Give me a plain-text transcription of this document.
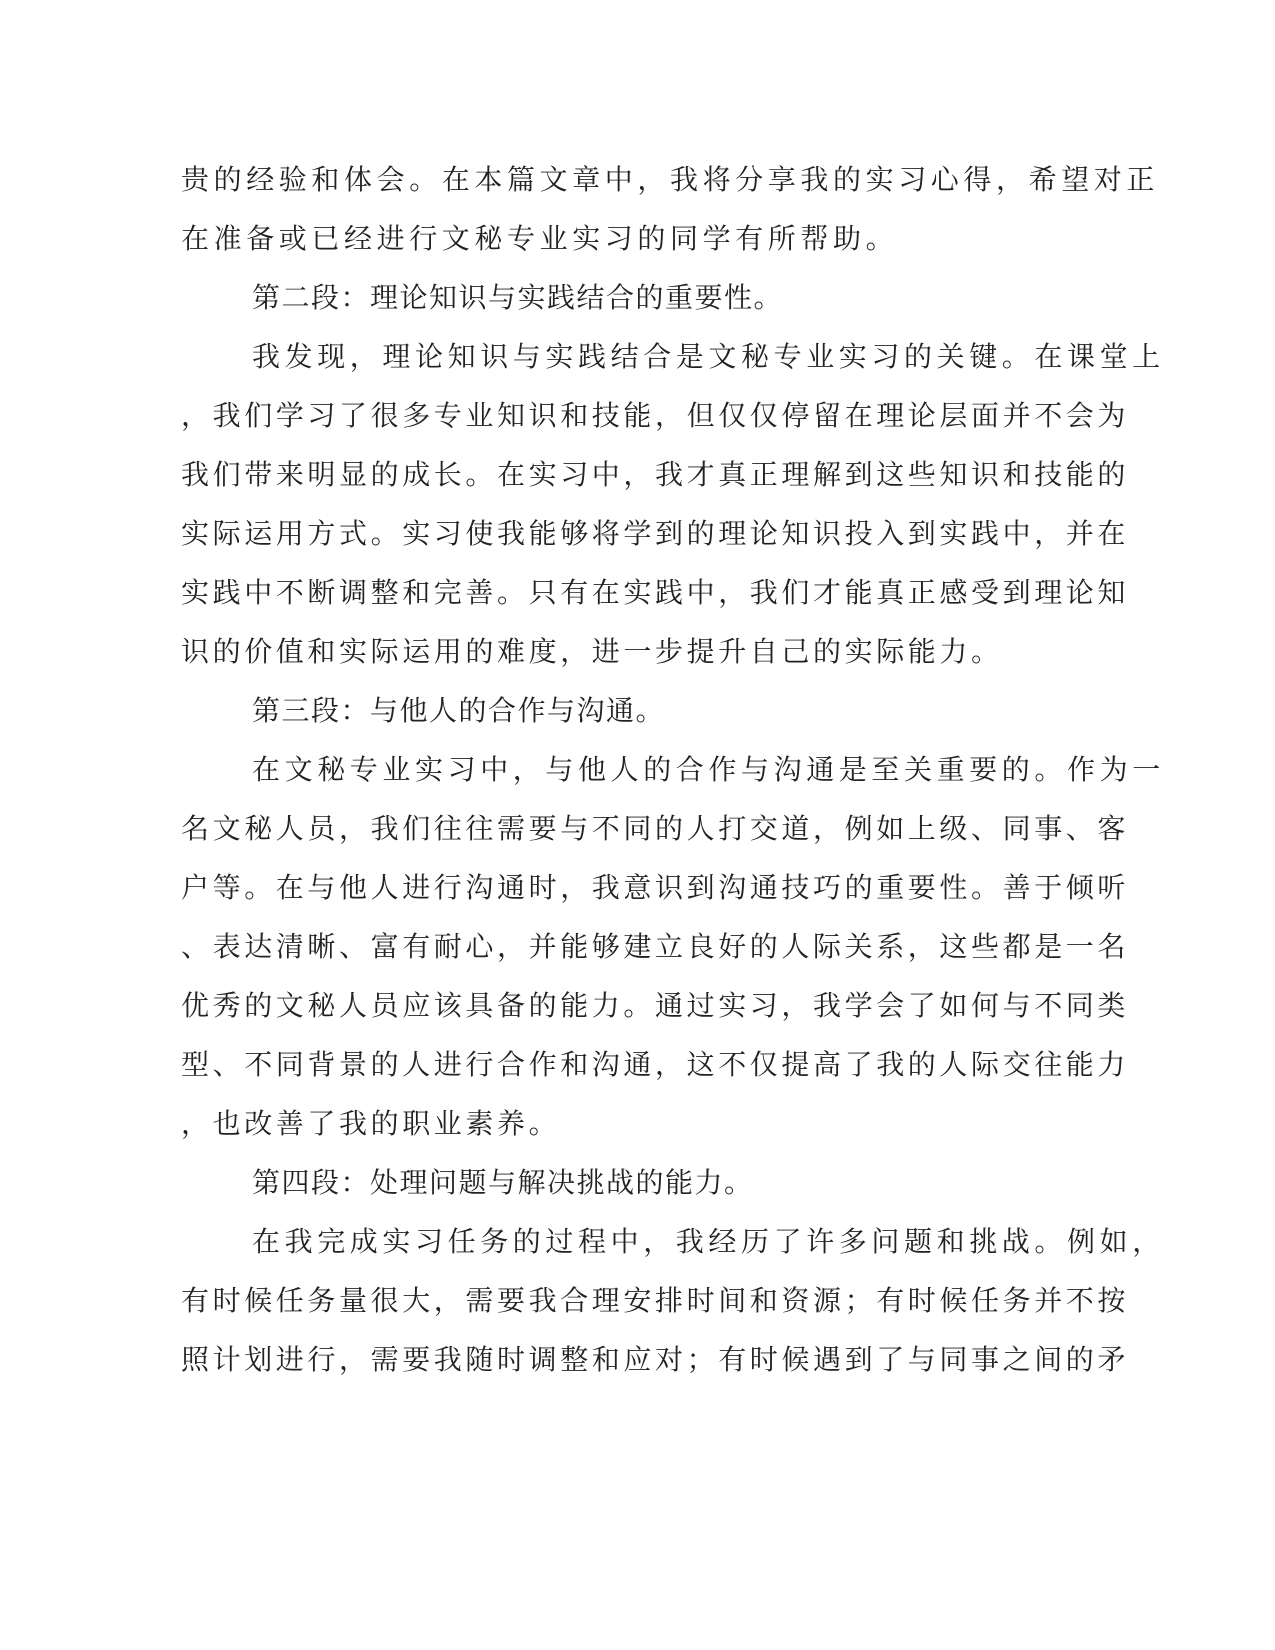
贵的经验和体会。在本篇文章中，我将分享我的实习心得，希望对正

在准备或已经进行文秘专业实习的同学有所帮助。

第二段：理论知识与实践结合的重要性。

我发现，理论知识与实践结合是文秘专业实习的关键。在课堂上

，我们学习了很多专业知识和技能，但仅仅停留在理论层面并不会为

我们带来明显的成长。在实习中，我才真正理解到这些知识和技能的

实际运用方式。实习使我能够将学到的理论知识投入到实践中，并在

实践中不断调整和完善。只有在实践中，我们才能真正感受到理论知

识的价值和实际运用的难度，进一步提升自己的实际能力。

第三段：与他人的合作与沟通。

在文秘专业实习中，与他人的合作与沟通是至关重要的。作为一

名文秘人员，我们往往需要与不同的人打交道，例如上级、同事、客

户等。在与他人进行沟通时，我意识到沟通技巧的重要性。善于倾听

、表达清晰、富有耐心，并能够建立良好的人际关系，这些都是一名

优秀的文秘人员应该具备的能力。通过实习，我学会了如何与不同类

型、不同背景的人进行合作和沟通，这不仅提高了我的人际交往能力

，也改善了我的职业素养。

第四段：处理问题与解决挑战的能力。

在我完成实习任务的过程中，我经历了许多问题和挑战。例如，

有时候任务量很大，需要我合理安排时间和资源；有时候任务并不按

照计划进行，需要我随时调整和应对；有时候遇到了与同事之间的矛
